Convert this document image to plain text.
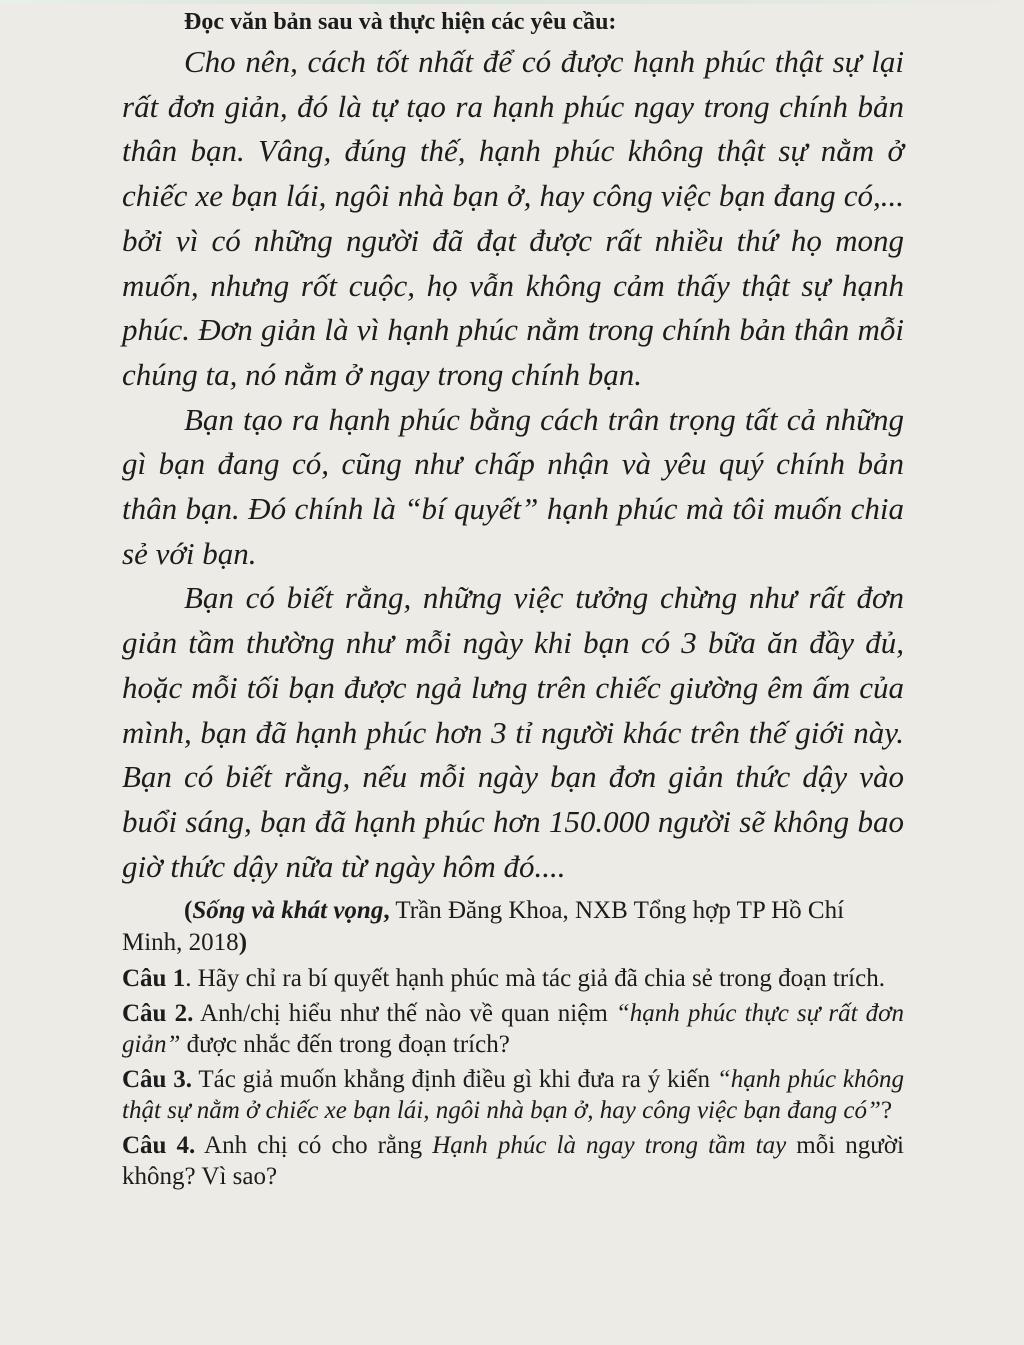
Đọc văn bản sau và thực hiện các yêu cầu:

Cho nên, cách tốt nhất để có được hạnh phúc thật sự lại rất đơn giản, đó là tự tạo ra hạnh phúc ngay trong chính bản thân bạn. Vâng, đúng thế, hạnh phúc không thật sự nằm ở chiếc xe bạn lái, ngôi nhà bạn ở, hay công việc bạn đang có,... bởi vì có những người đã đạt được rất nhiều thứ họ mong muốn, nhưng rốt cuộc, họ vẫn không cảm thấy thật sự hạnh phúc. Đơn giản là vì hạnh phúc nằm trong chính bản thân mỗi chúng ta, nó nằm ở ngay trong chính bạn.

Bạn tạo ra hạnh phúc bằng cách trân trọng tất cả những gì bạn đang có, cũng như chấp nhận và yêu quý chính bản thân bạn. Đó chính là “bí quyết” hạnh phúc mà tôi muốn chia sẻ với bạn.

Bạn có biết rằng, những việc tưởng chừng như rất đơn giản tầm thường như mỗi ngày khi bạn có 3 bữa ăn đầy đủ, hoặc mỗi tối bạn được ngả lưng trên chiếc giường êm ấm của mình, bạn đã hạnh phúc hơn 3 tỉ người khác trên thế giới này. Bạn có biết rằng, nếu mỗi ngày bạn đơn giản thức dậy vào buổi sáng, bạn đã hạnh phúc hơn 150.000 người sẽ không bao giờ thức dậy nữa từ ngày hôm đó....

(Sống và khát vọng, Trần Đăng Khoa, NXB Tổng hợp TP Hồ Chí Minh, 2018)

Câu 1. Hãy chỉ ra bí quyết hạnh phúc mà tác giả đã chia sẻ trong đoạn trích.

Câu 2. Anh/chị hiểu như thế nào về quan niệm “hạnh phúc thực sự rất đơn giản” được nhắc đến trong đoạn trích?

Câu 3. Tác giả muốn khẳng định điều gì khi đưa ra ý kiến “hạnh phúc không thật sự nằm ở chiếc xe bạn lái, ngôi nhà bạn ở, hay công việc bạn đang có”?

Câu 4. Anh chị có cho rằng Hạnh phúc là ngay trong tầm tay mỗi người không? Vì sao?
